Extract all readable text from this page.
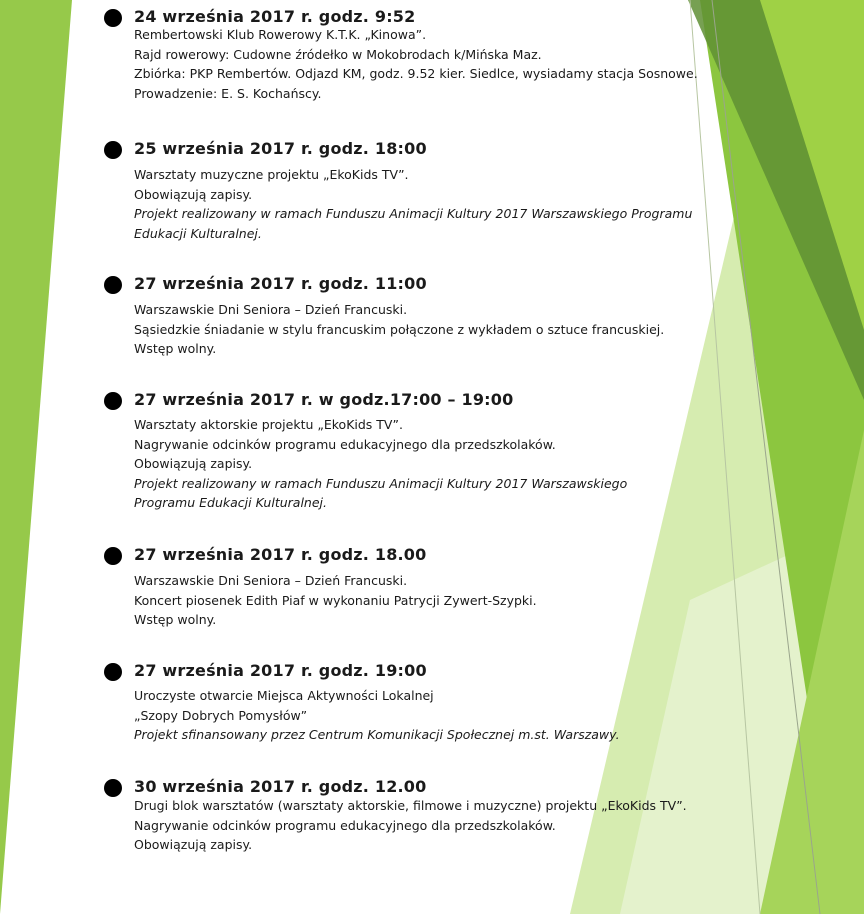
24 września 2017 r. godz. 9:52
Rembertowski Klub Rowerowy K.T.K. „Kinowa”.
Rajd rowerowy: Cudowne źródełko w Mokobrodach k/Mińska Maz.
Zbiórka: PKP Rembertów. Odjazd KM, godz. 9.52 kier. Siedlce, wysiadamy stacja Sosnowe.
Prowadzenie: E. S. Kochańscy.
25 września 2017 r. godz. 18:00
Warsztaty muzyczne projektu „EkoKids TV”.
Obowiązują zapisy.
Projekt realizowany w ramach Funduszu Animacji Kultury 2017 Warszawskiego Programu
Edukacji Kulturalnej.
27 września 2017 r. godz. 11:00
Warszawskie Dni Seniora – Dzień Francuski.
Sąsiedzkie śniadanie w stylu francuskim połączone z wykładem o sztuce francuskiej.
Wstęp wolny.
27 września 2017 r. w godz.17:00 – 19:00
Warsztaty aktorskie projektu „EkoKids TV”.
Nagrywanie odcinków programu edukacyjnego dla przedszkolaków.
Obowiązują zapisy.
Projekt realizowany w ramach Funduszu Animacji Kultury 2017 Warszawskiego
Programu Edukacji Kulturalnej.
27 września 2017 r. godz. 18.00
Warszawskie Dni Seniora – Dzień Francuski.
Koncert piosenek Edith Piaf w wykonaniu Patrycji Zywert-Szypki.
Wstęp wolny.
27 września 2017 r. godz. 19:00
Uroczyste otwarcie Miejsca Aktywności Lokalnej
„Szopy Dobrych Pomysłów”
Projekt sfinansowany przez Centrum Komunikacji Społecznej m.st. Warszawy.
30 września 2017 r. godz. 12.00
Drugi blok warsztatów (warsztaty aktorskie, filmowe i muzyczne) projektu „EkoKids TV”.
Nagrywanie odcinków programu edukacyjnego dla przedszkolaków.
Obowiązują zapisy.
